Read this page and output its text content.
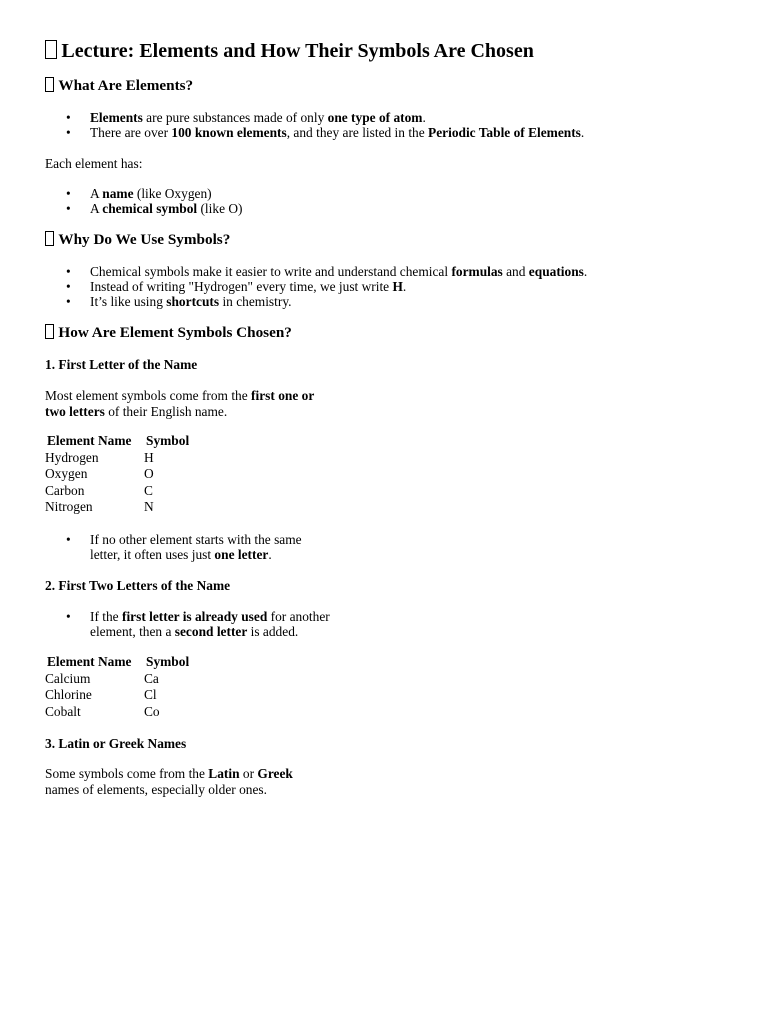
Lecture: Elements and How Their Symbols Are Chosen
What Are Elements?
• Elements are pure substances made of only one type of atom.
• There are over 100 known elements, and they are listed in the Periodic Table of Elements.

Each element has:

• A name (like Oxygen)
• A chemical symbol (like O)
Why Do We Use Symbols?
• Chemical symbols make it easier to write and understand chemical formulas and equations.
• Instead of writing "Hydrogen" every time, we just write H.
• It’s like using shortcuts in chemistry.
How Are Element Symbols Chosen?
1. First Letter of the Name

Most element symbols come from the first one or
two letters of their English name.

Element Name	Symbol
Hydrogen	H
Oxygen	O
Carbon	C
Nitrogen	N
• If no other element starts with the same
letter, it often uses just one letter.
2. First Two Letters of the Name
• If the first letter is already used for another
element, then a second letter is added.
Element Name	Symbol
Calcium	Ca
Chlorine	Cl
Cobalt	Co
3. Latin or Greek Names

Some symbols come from the Latin or Greek
names of elements, especially older ones.
